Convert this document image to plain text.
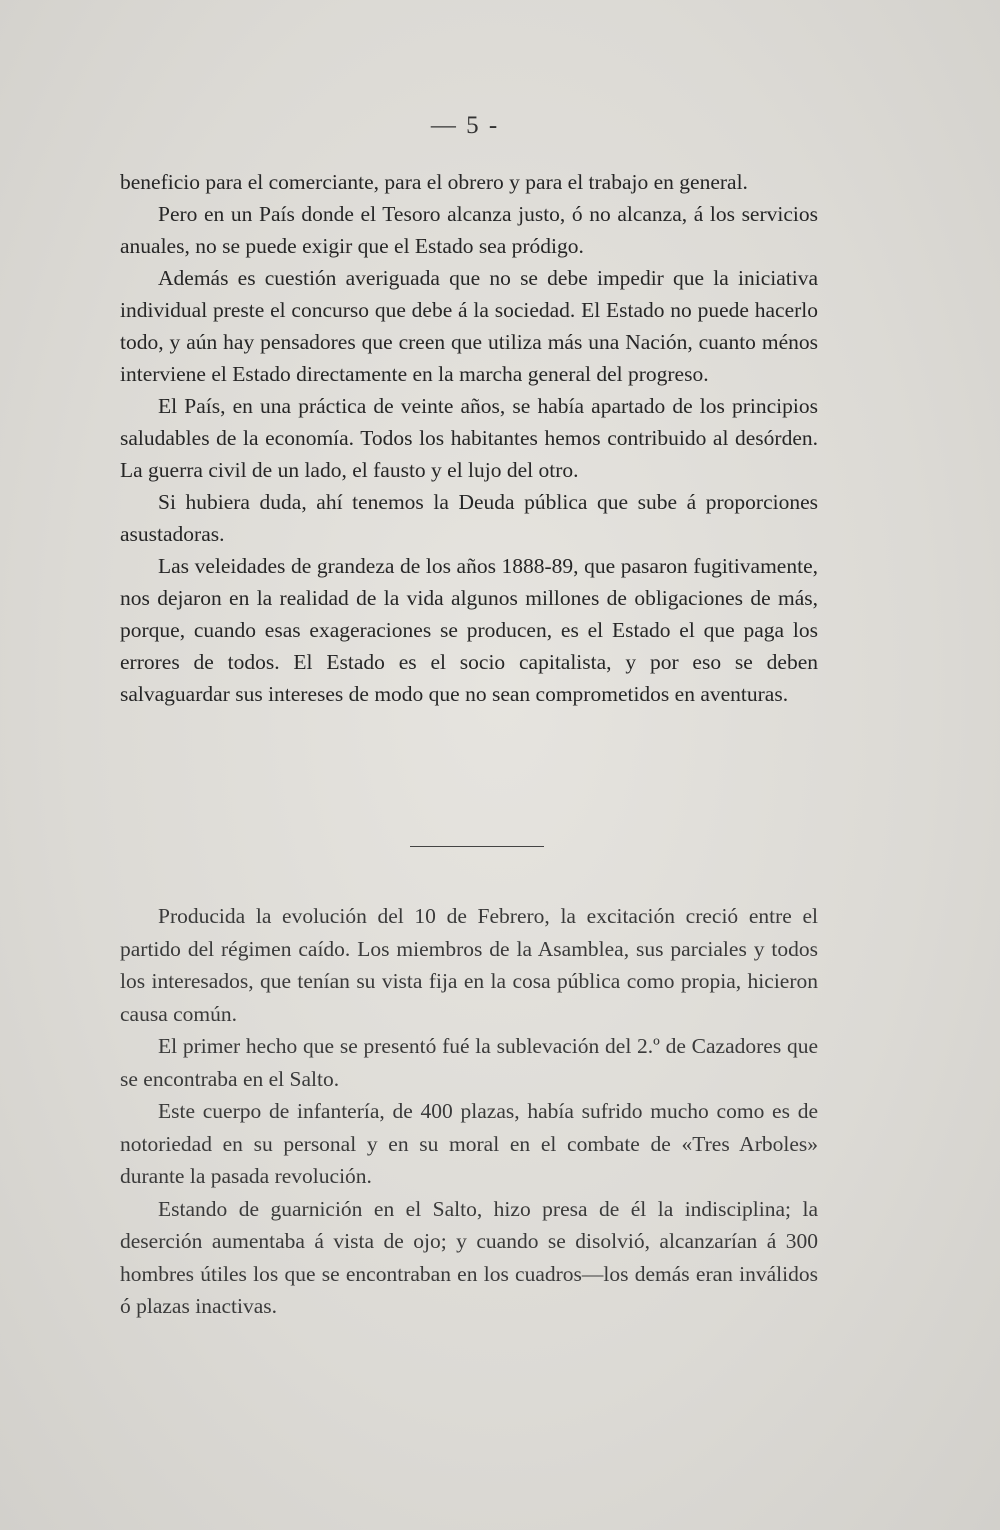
— 5 -

beneficio para el comerciante, para el obrero y para el trabajo en general.

Pero en un País donde el Tesoro alcanza justo, ó no alcanza, á los servicios anuales, no se puede exigir que el Estado sea pródigo.

Además es cuestión averiguada que no se debe impedir que la iniciativa individual preste el concurso que debe á la sociedad. El Estado no puede hacerlo todo, y aún hay pensadores que creen que utiliza más una Nación, cuanto ménos interviene el Estado directamente en la marcha general del progreso.

El País, en una práctica de veinte años, se había apartado de los principios saludables de la economía. Todos los habitantes hemos contribuido al desórden. La guerra civil de un lado, el fausto y el lujo del otro.

Si hubiera duda, ahí tenemos la Deuda pública que sube á proporciones asustadoras.

Las veleidades de grandeza de los años 1888-89, que pasaron fugitivamente, nos dejaron en la realidad de la vida algunos millones de obligaciones de más, porque, cuando esas exageraciones se producen, es el Estado el que paga los errores de todos. El Estado es el socio capitalista, y por eso se deben salvaguardar sus intereses de modo que no sean comprometidos en aventuras.

Producida la evolución del 10 de Febrero, la excitación creció entre el partido del régimen caído. Los miembros de la Asamblea, sus parciales y todos los interesados, que tenían su vista fija en la cosa pública como propia, hicieron causa común.

El primer hecho que se presentó fué la sublevación del 2.º de Cazadores que se encontraba en el Salto.

Este cuerpo de infantería, de 400 plazas, había sufrido mucho como es de notoriedad en su personal y en su moral en el combate de «Tres Arboles» durante la pasada revolución.

Estando de guarnición en el Salto, hizo presa de él la indisciplina; la deserción aumentaba á vista de ojo; y cuando se disolvió, alcanzarían á 300 hombres útiles los que se encontraban en los cuadros—los demás eran inválidos ó plazas inactivas.
